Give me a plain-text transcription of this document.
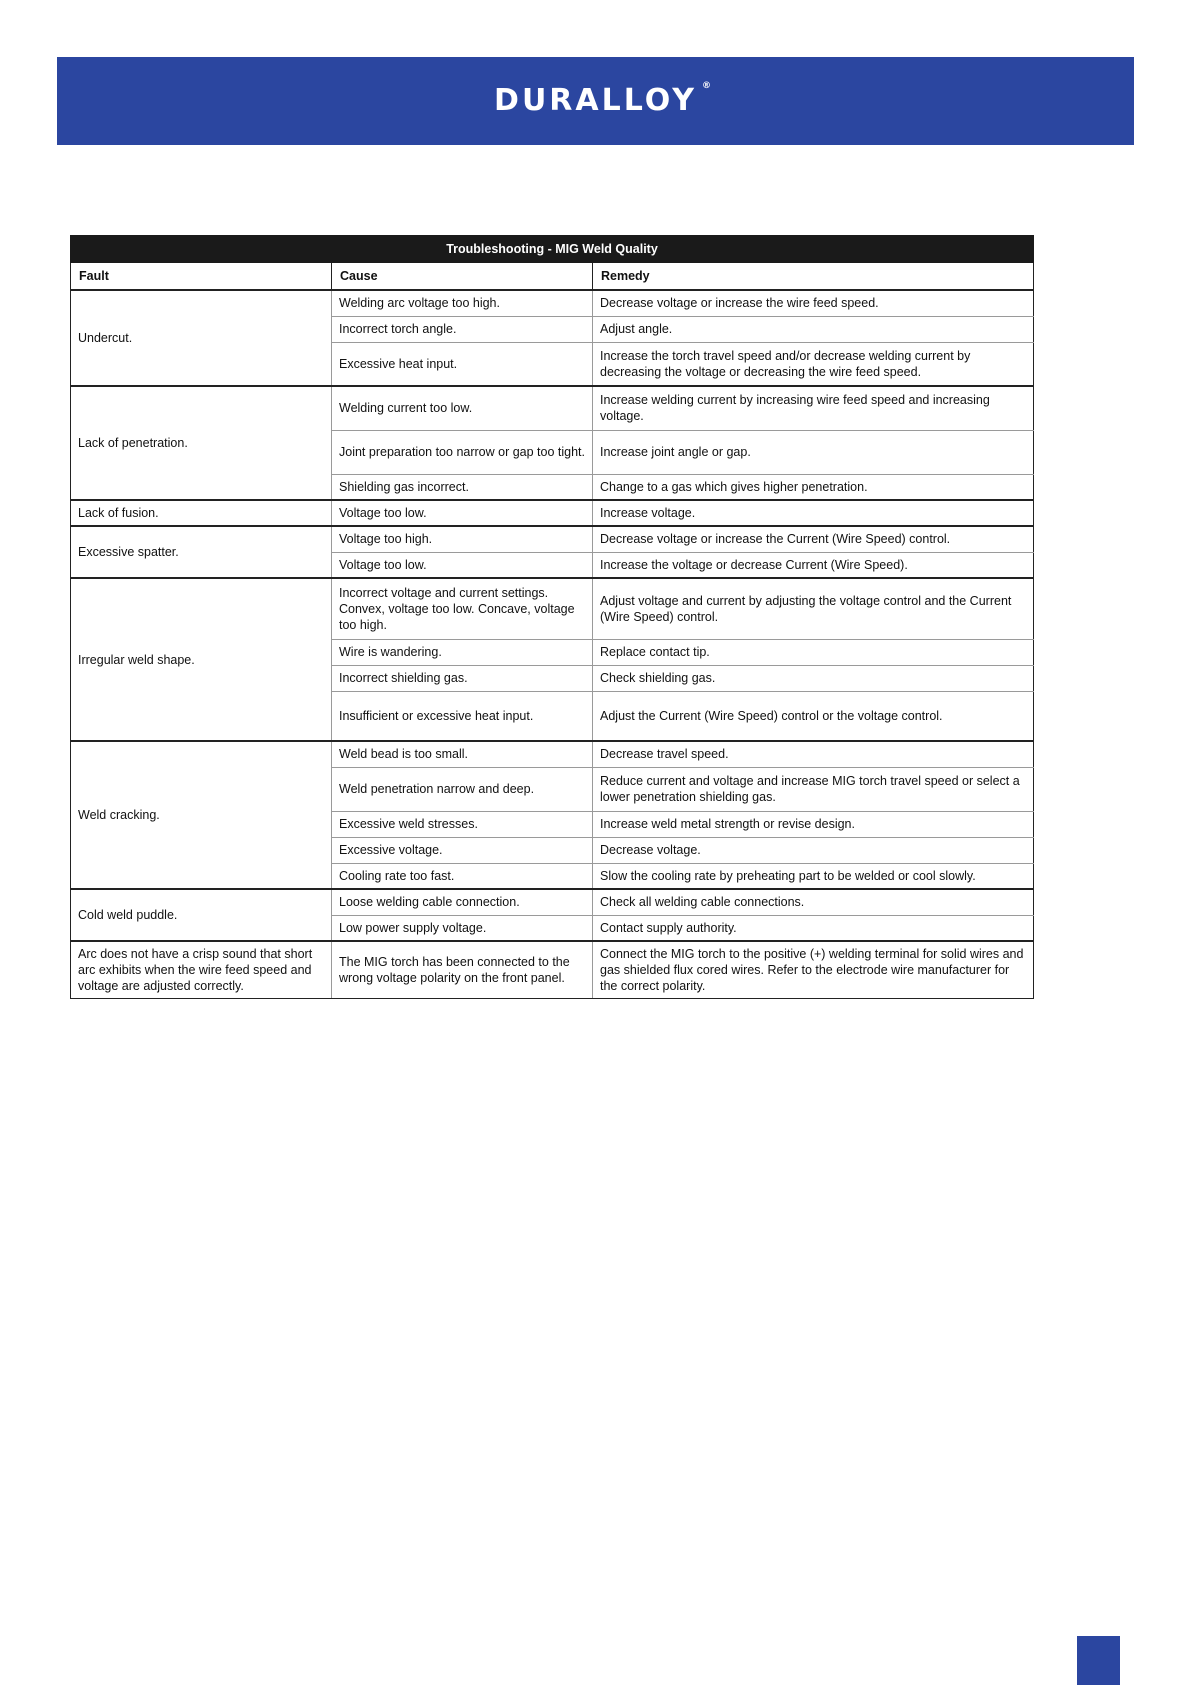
DURALLOY ®
Troubleshooting - MIG Weld Quality		
Fault	Cause	Remedy
Undercut.	Welding arc voltage too high.	Decrease voltage or increase the wire feed speed.
	Incorrect torch angle.	Adjust angle.
	Excessive heat input.	Increase the torch travel speed and/or decrease welding current by decreasing the voltage or decreasing the wire feed speed.
Lack of penetration.	Welding current too low.	Increase welding current by increasing wire feed speed and increasing voltage.
	Joint preparation too narrow or gap too tight.	Increase joint angle or gap.
	Shielding gas incorrect.	Change to a gas which gives higher penetration.
Lack of fusion.	Voltage too low.	Increase voltage.
Excessive spatter.	Voltage too high.	Decrease voltage or increase the Current (Wire Speed) control.
	Voltage too low.	Increase the voltage or decrease Current (Wire Speed).
Irregular weld shape.	Incorrect voltage and current settings. Convex, voltage too low. Concave, voltage too high.	Adjust voltage and current by adjusting the voltage control and the Current (Wire Speed) control.
	Wire is wandering.	Replace contact tip.
	Incorrect shielding gas.	Check shielding gas.
	Insufficient or excessive heat input.	Adjust the Current (Wire Speed) control or the voltage control.
Weld cracking.	Weld bead is too small.	Decrease travel speed.
	Weld penetration narrow and deep.	Reduce current and voltage and increase MIG torch travel speed or select a lower penetration shielding gas.
	Excessive weld stresses.	Increase weld metal strength or revise design.
	Excessive voltage.	Decrease voltage.
	Cooling rate too fast.	Slow the cooling rate by preheating part to be welded or cool slowly.
Cold weld puddle.	Loose welding cable connection.	Check all welding cable connections.
	Low power supply voltage.	Contact supply authority.
Arc does not have a crisp sound that short arc exhibits when the wire feed speed and voltage are adjusted correctly.	The MIG torch has been connected to the wrong voltage polarity on the front panel.	Connect the MIG torch to the positive (+) welding terminal for solid wires and gas shielded flux cored wires. Refer to the electrode wire manufacturer for the correct polarity.
